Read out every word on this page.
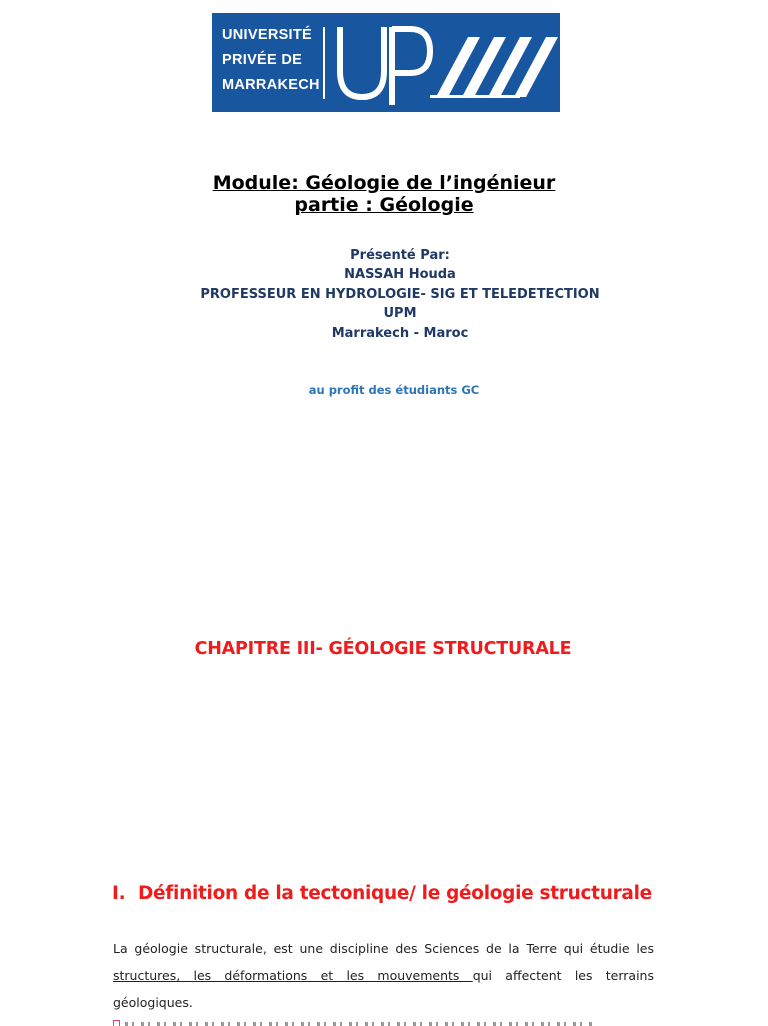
UNIVERSITÉ
PRIVÉE DE
MARRAKECH
Module: Géologie de l’ingénieur
partie : Géologie
Présenté Par:
NASSAH Houda
PROFESSEUR EN HYDROLOGIE- SIG ET TELEDETECTION
UPM
Marrakech - Maroc
au profit des étudiants GC
CHAPITRE III- GÉOLOGIE STRUCTURALE
I. Définition de la tectonique/ le géologie structurale
La géologie structurale, est une discipline des Sciences de la Terre qui étudie les structures, les déformations et les mouvements qui affectent les terrains géologiques.
